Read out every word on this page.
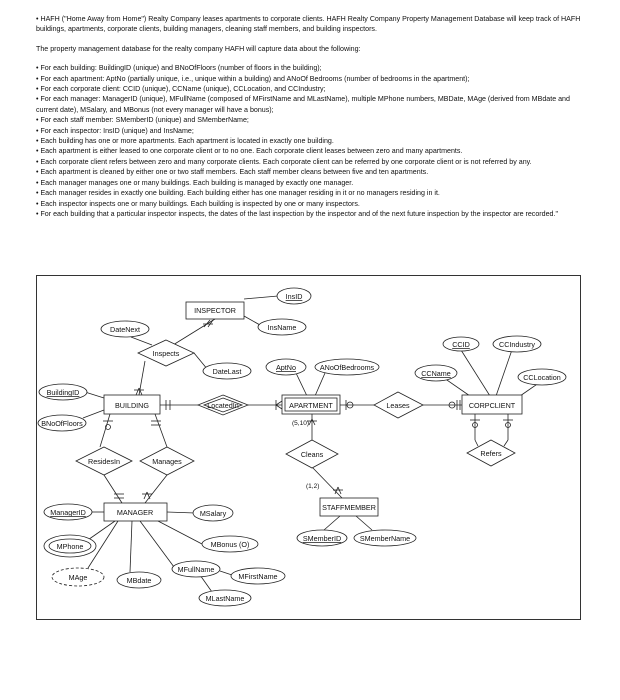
• HAFH ("Home Away from Home") Realty Company leases apartments to corporate clients. HAFH Realty Company Property Management Database will keep track of HAFH buildings, apartments, corporate clients, building managers, cleaning staff members, and building inspectors.

The property management database for the realty company HAFH will capture data about the following:

• For each building: BuildingID (unique) and BNoOfFloors (number of floors in the building);

• For each apartment: AptNo (partially unique, i.e., unique within a building) and ANoOf Bedrooms (number of bedrooms in the apartment);

• For each corporate client: CCID (unique), CCName (unique), CCLocation, and CCIndustry;

• For each manager: ManagerID (unique), MFullName (composed of MFirstName and MLastName), multiple MPhone numbers, MBDate, MAge (derived from MBdate and current date), MSalary, and MBonus (not every manager will have a bonus);

• For each staff member: SMemberID (unique) and SMemberName;

• For each inspector: InsID (unique) and InsName;

• Each building has one or more apartments. Each apartment is located in exactly one building.

• Each apartment is either leased to one corporate client or to no one. Each corporate client leases between zero and many apartments.

• Each corporate client refers between zero and many corporate clients. Each corporate client can be referred by one corporate client or is not referred by any.

• Each apartment is cleaned by either one or two staff members. Each staff member cleans between five and ten apartments.

• Each manager manages one or many buildings. Each building is managed by exactly one manager.

• Each manager resides in exactly one building. Each building either has one manager residing in it or no managers residing in it.

• Each inspector inspects one or many buildings. Each building is inspected by one or many inspectors.

• For each building that a particular inspector inspects, the dates of the last inspection by the inspector and of the next future inspection by the inspector are recorded."

INSPECTOR
BUILDING	APARTMENT	CORPCLIENT
MANAGER
STAFFMEMBER
Inspects
LocatedIn	Leases
Refers
ResidesIn	Manages
Cleans
InsID
InsName
DateNext
DateLast	AptNo	ANoOfBedrooms
CCID	CCIndustry
CCName	CCLocation
BuildingID
BNoOfFloors
ManagerID	MSalary
MPhone	MBonus (O)
MFullName
MFirstName
MLastName
MAge	MBdate
SMemberID	SMemberName
(5,10)
(1,2)
